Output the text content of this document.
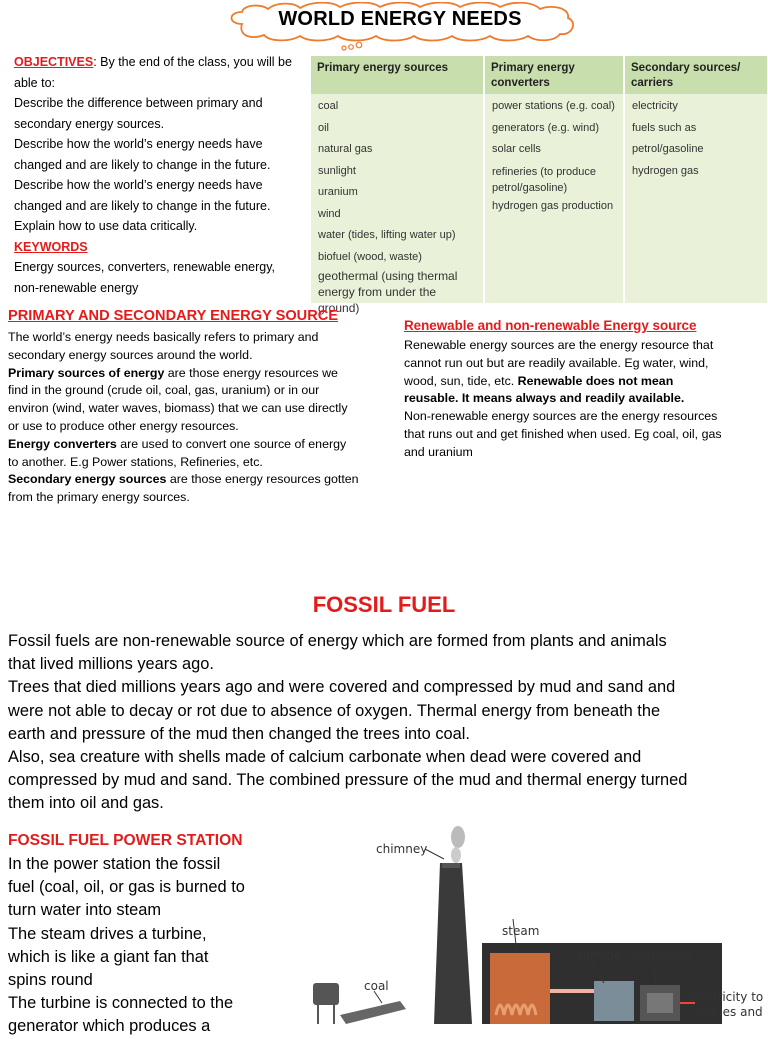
WORLD ENERGY NEEDS
OBJECTIVES: By the end of the class, you will be
able to:
Describe the difference between primary and
secondary energy sources.
Describe how the world’s energy needs have
changed and are likely to change in the future.
Describe how the world’s energy needs have
changed and are likely to change in the future.
Explain how to use data critically.
KEYWORDS
Energy sources, converters, renewable energy,
non-renewable energy
Primary energy sources
coal
oil
natural gas
sunlight
uranium
wind
water (tides, lifting water up)
biofuel (wood, waste)
geothermal (using thermal
energy from under the ground)
Primary energy converters
power stations (e.g. coal)
generators (e.g. wind)
solar cells
refineries (to produce
petrol/gasoline)
hydrogen gas production
Secondary sources/ carriers
electricity
fuels such as petrol/gasoline
hydrogen gas
PRIMARY AND SECONDARY ENERGY SOURCE
The world’s energy needs basically refers to primary and
secondary energy sources around the world.
Primary sources of energy are those energy resources we
find in the ground (crude oil, coal, gas, uranium) or in our
environ (wind, water waves, biomass) that we can use directly
or use to produce other energy resources.
Energy converters are used to convert one source of energy
to another. E.g Power stations, Refineries, etc.
Secondary energy sources are those energy resources gotten
from the primary energy sources.
Renewable and non-renewable Energy source
Renewable energy sources are the energy resource that
cannot run out but are readily available. Eg water, wind,
wood, sun, tide, etc. Renewable does not mean
reusable. It means always and readily available.
Non-renewable energy sources are the energy resources
that runs out and get finished when used. Eg coal, oil, gas
and uranium
FOSSIL FUEL
Fossil fuels are non-renewable source of energy which are formed from plants and animals
that lived millions years ago.
Trees that died millions years ago and were covered and compressed by mud and sand and
were not able to decay or rot due to absence of oxygen. Thermal energy from beneath the
earth and pressure of the mud then changed the trees into coal.
Also, sea creature with shells made of calcium carbonate when dead were covered and
compressed by mud and sand. The combined pressure of the mud and thermal energy turned
them into oil and gas.
FOSSIL FUEL POWER STATION
In the power station the fossil
fuel (coal, oil, or gas is burned to
turn water into steam
The steam drives a turbine,
which is like a giant fan that
spins round
The turbine is connected to the
generator which produces a
chimney
steam
turbine generator
coal
electricity to
homes and
